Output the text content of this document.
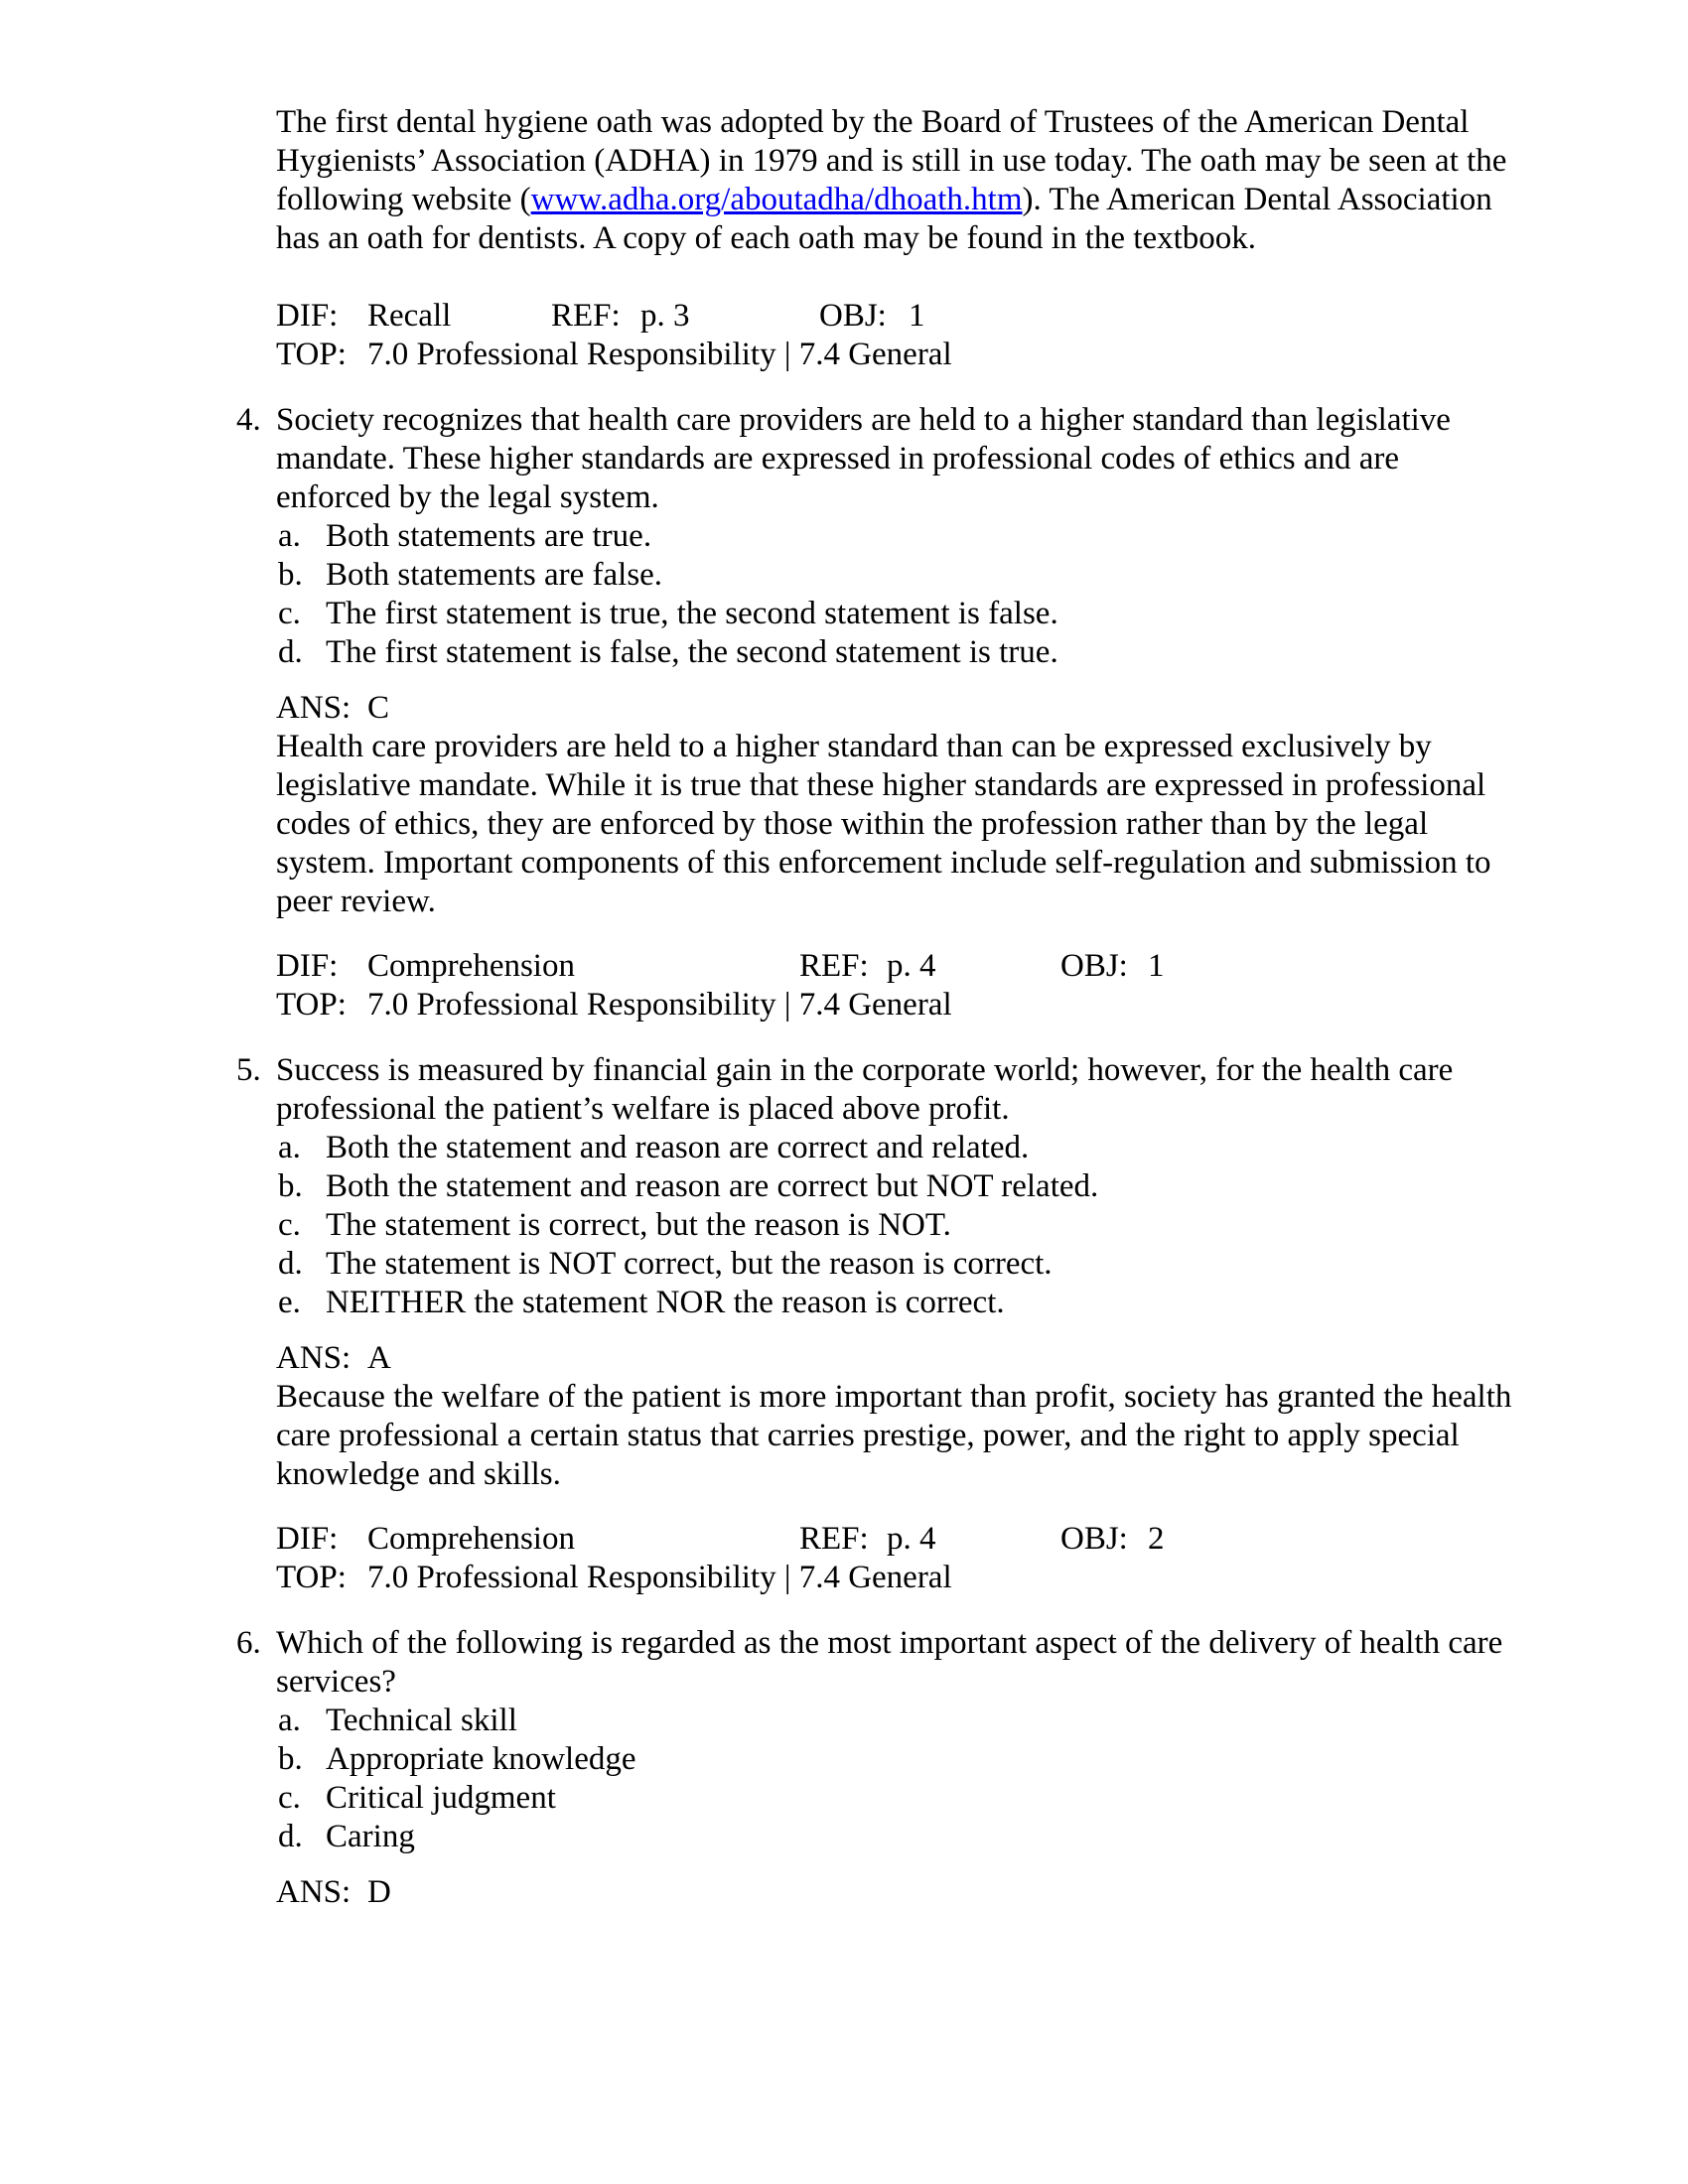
The first dental hygiene oath was adopted by the Board of Trustees of the American Dental
Hygienists’ Association (ADHA) in 1979 and is still in use today. The oath may be seen at the
following website (www.adha.org/aboutadha/dhoath.htm). The American Dental Association
has an oath for dentists. A copy of each oath may be found in the textbook.

DIF: Recall	REF: p. 3	OBJ: 1
TOP: 7.0 Professional Responsibility | 7.4 General
4. Society recognizes that health care providers are held to a higher standard than legislative
mandate. These higher standards are expressed in professional codes of ethics and are
enforced by the legal system.
a. Both statements are true.
b. Both statements are false.
c. The first statement is true, the second statement is false.
d. The first statement is false, the second statement is true.
ANS: C

Health care providers are held to a higher standard than can be expressed exclusively by
legislative mandate. While it is true that these higher standards are expressed in professional
codes of ethics, they are enforced by those within the profession rather than by the legal
system. Important components of this enforcement include self-regulation and submission to
peer review.

DIF: Comprehension	REF: p. 4	OBJ: 1
TOP: 7.0 Professional Responsibility | 7.4 General
5. Success is measured by financial gain in the corporate world; however, for the health care
professional the patient’s welfare is placed above profit.
a. Both the statement and reason are correct and related.
b. Both the statement and reason are correct but NOT related.
c. The statement is correct, but the reason is NOT.
d. The statement is NOT correct, but the reason is correct.
e. NEITHER the statement NOR the reason is correct.
ANS: A

Because the welfare of the patient is more important than profit, society has granted the health
care professional a certain status that carries prestige, power, and the right to apply special
knowledge and skills.

DIF: Comprehension	REF: p. 4	OBJ: 2
TOP: 7.0 Professional Responsibility | 7.4 General
6. Which of the following is regarded as the most important aspect of the delivery of health care
services?
a. Technical skill
b. Appropriate knowledge
c. Critical judgment
d. Caring
ANS: D
